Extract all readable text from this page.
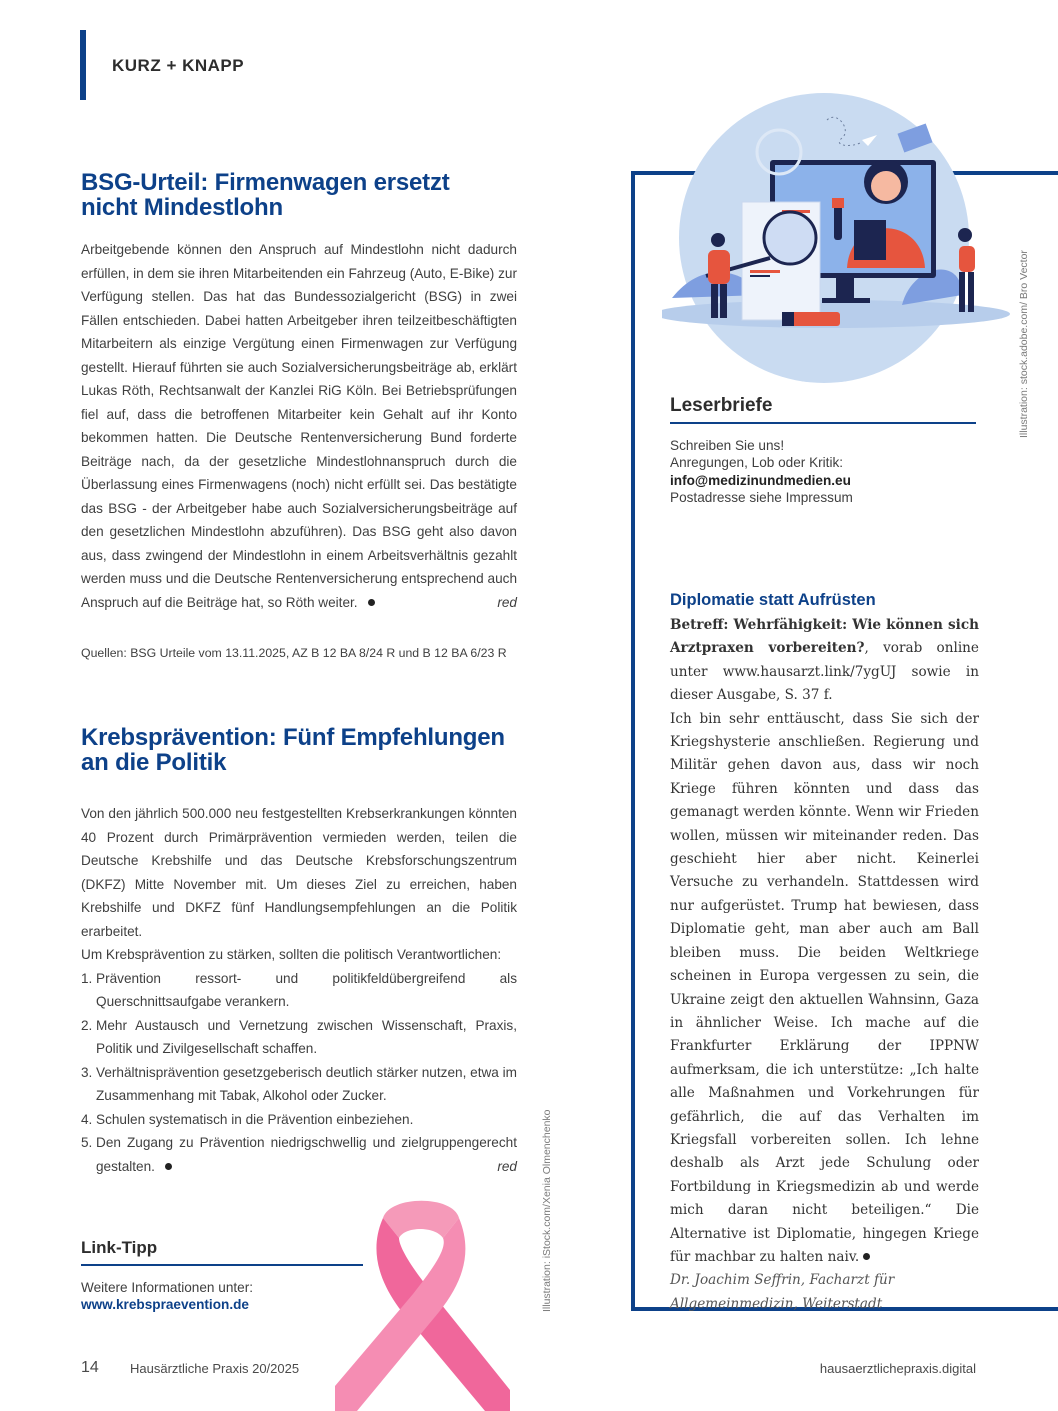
KURZ + KNAPP
BSG-Urteil: Firmenwagen ersetzt
nicht Mindestlohn

Arbeitgebende können den Anspruch auf Mindestlohn nicht dadurch erfüllen, in dem sie ihren Mitarbeitenden ein Fahrzeug (Auto, E-Bike) zur Verfügung stellen. Das hat das Bundessozialgericht (BSG) in zwei Fällen entschieden. Dabei hatten Arbeitgeber ihren teilzeitbeschäftigten Mitarbeitern als einzige Vergütung einen Firmenwagen zur Verfügung gestellt. Hierauf führten sie auch Sozialversicherungsbeiträge ab, erklärt Lukas Röth, Rechtsanwalt der Kanzlei RiG Köln. Bei Betriebsprüfungen fiel auf, dass die betroffenen Mitarbeiter kein Gehalt auf ihr Konto bekommen hatten. Die Deutsche Rentenversicherung Bund forderte Beiträge nach, da der gesetzliche Mindestlohnanspruch durch die Überlassung eines Firmenwagens (noch) nicht erfüllt sei. Das bestätigte das BSG - der Arbeitgeber habe auch Sozialversicherungsbeiträge auf den gesetzlichen Mindestlohn abzuführen). Das BSG geht also davon aus, dass zwingend der Mindestlohn in einem Arbeitsverhältnis gezahlt werden muss und die Deutsche Rentenversicherung entsprechend auch Anspruch auf die Beiträge hat, so Röth weiter.	red

Quellen: BSG Urteile vom 13.11.2025, AZ B 12 BA 8/24 R und B 12 BA 6/23 R
Krebsprävention: Fünf Empfehlungen
an die Politik

Von den jährlich 500.000 neu festgestellten Krebserkrankungen könnten 40 Prozent durch Primärprävention vermieden werden, teilen die Deutsche Krebshilfe und das Deutsche Krebsforschungszentrum (DKFZ) Mitte November mit. Um dieses Ziel zu erreichen, haben Krebshilfe und DKFZ fünf Handlungsempfehlungen an die Politik erarbeitet.

Um Krebsprävention zu stärken, sollten die politisch Verantwortlichen:

1. Prävention ressort- und politikfeldübergreifend als Querschnittsaufgabe verankern.
2. Mehr Austausch und Vernetzung zwischen Wissenschaft, Praxis, Politik und Zivilgesellschaft schaffen.
3. Verhältnisprävention gesetzgeberisch deutlich stärker nutzen, etwa im Zusammenhang mit Tabak, Alkohol oder Zucker.
4. Schulen systematisch in die Prävention einbeziehen.
5. Den Zugang zu Prävention niedrigschwellig und zielgruppengerecht gestalten.	red
Link-Tipp
Weitere Informationen unter:
www.krebspraevention.de	Illustration: iStock.com/Xenia Olmenchenko
Illustration: stock.adobe.com/ Bro Vector
Leserbriefe
Schreiben Sie uns!
Anregungen, Lob oder Kritik:
info@medizinundmedien.eu
Postadresse siehe Impressum
Diplomatie statt Aufrüsten

Betreff: Wehrfähigkeit: Wie können sich Arztpraxen vorbereiten?, vorab online unter www.hausarzt.link/7ygUJ sowie in dieser Ausgabe, S. 37 f.

Ich bin sehr enttäuscht, dass Sie sich der Kriegshysterie anschließen. Regierung und Militär gehen davon aus, dass wir noch Kriege führen könnten und dass das gemanagt werden könnte. Wenn wir Frieden wollen, müssen wir miteinander reden. Das geschieht hier aber nicht. Keinerlei Versuche zu verhandeln. Stattdessen wird nur aufgerüstet. Trump hat bewiesen, dass Diplomatie geht, man aber auch am Ball bleiben muss. Die beiden Weltkriege scheinen in Europa vergessen zu sein, die Ukraine zeigt den aktuellen Wahnsinn, Gaza in ähnlicher Weise. Ich mache auf die Frankfurter Erklärung der IPPNW aufmerksam, die ich unterstütze: „Ich halte alle Maßnahmen und Vorkehrungen für gefährlich, die auf das Verhalten im Kriegsfall vorbereiten sollen. Ich lehne deshalb als Arzt jede Schulung oder Fortbildung in Kriegsmedizin ab und werde mich daran nicht beteiligen.“ Die Alternative ist Diplomatie, hingegen Kriege für machbar zu halten naiv.

Dr. Joachim Seffrin, Facharzt für Allgemeinmedizin, Weiterstadt

14 Hausärztliche Praxis 20/2025	hausaerztlichepraxis.digital
